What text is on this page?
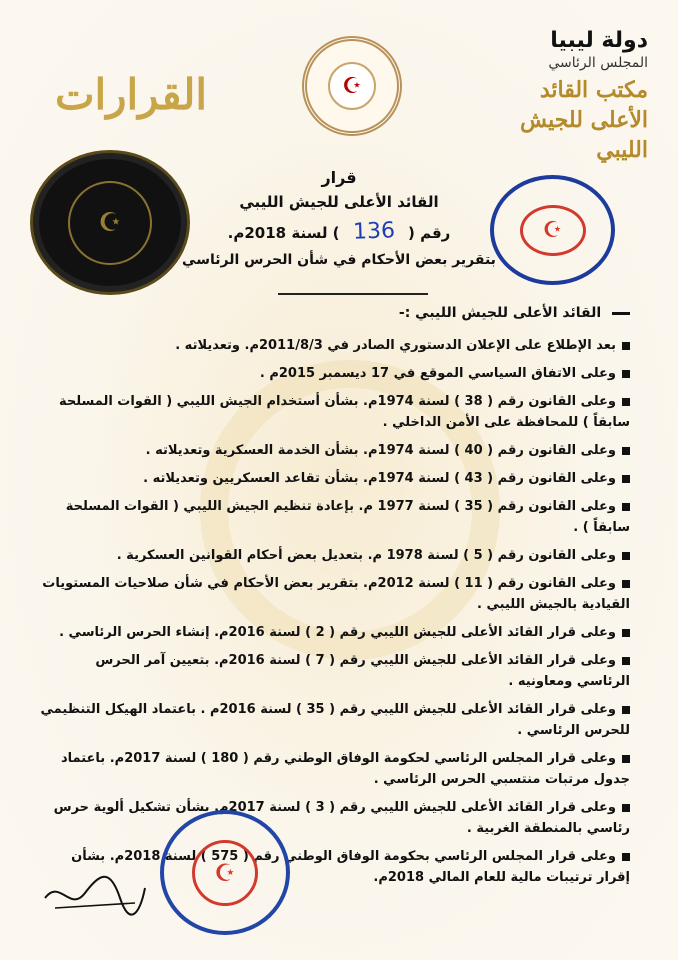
دولة ليبيا
المجلس الرئاسي
مكتب القائد الأعلى للجيش الليبي
القرارات	☪
☪	☪
قرار
القائد الأعلى للجيش الليبي
رقم ( 136 ) لسنة 2018م.
بتقرير بعض الأحكام في شأن الحرس الرئاسي
القائد الأعلى للجيش الليبي :-
بعد الإطلاع على الإعلان الدستوري الصادر في 2011/8/3م. وتعديلاته .
وعلى الاتفاق السياسي الموقع في 17 ديسمبر 2015م .
وعلى القانون رقم ( 38 ) لسنة 1974م. بشأن أستخدام الجيش الليبي ( القوات المسلحة سابقاً ) للمحافظة على الأمن الداخلي .
وعلى القانون رقم ( 40 ) لسنة 1974م. بشأن الخدمة العسكرية وتعديلاته .
وعلى القانون رقم ( 43 ) لسنة 1974م. بشأن تقاعد العسكريين وتعديلاته .
وعلى القانون رقم ( 35 ) لسنة 1977 م. بإعادة تنظيم الجيش الليبي ( القوات المسلحة سابقاً ) .
وعلى القانون رقم ( 5 ) لسنة 1978 م. بتعديل بعض أحكام القوانين العسكرية .
وعلى القانون رقم ( 11 ) لسنة 2012م. بتقرير بعض الأحكام في شأن صلاحيات المستويات القيادية بالجيش الليبي .
وعلى قرار القائد الأعلى للجيش الليبي رقم ( 2 ) لسنة 2016م. إنشاء الحرس الرئاسي .
وعلى قرار القائد الأعلى للجيش الليبي رقم ( 7 ) لسنة 2016م. بتعيين آمر الحرس الرئاسي ومعاونيه .
وعلى قرار القائد الأعلى للجيش الليبي رقم ( 35 ) لسنة 2016م . باعتماد الهيكل التنظيمي للحرس الرئاسي .
وعلى قرار المجلس الرئاسي لحكومة الوفاق الوطني رقم ( 180 ) لسنة 2017م. باعتماد جدول مرتبات منتسبي الحرس الرئاسي .
وعلى قرار القائد الأعلى للجيش الليبي رقم ( 3 ) لسنة 2017م. بشأن تشكيل ألوية حرس رئاسي بالمنطقة الغربية .
وعلى قرار المجلس الرئاسي بحكومة الوفاق الوطني رقم ( 575 ) لسنة 2018م. بشأن إقرار ترتيبات مالية للعام المالي 2018م.
☪
